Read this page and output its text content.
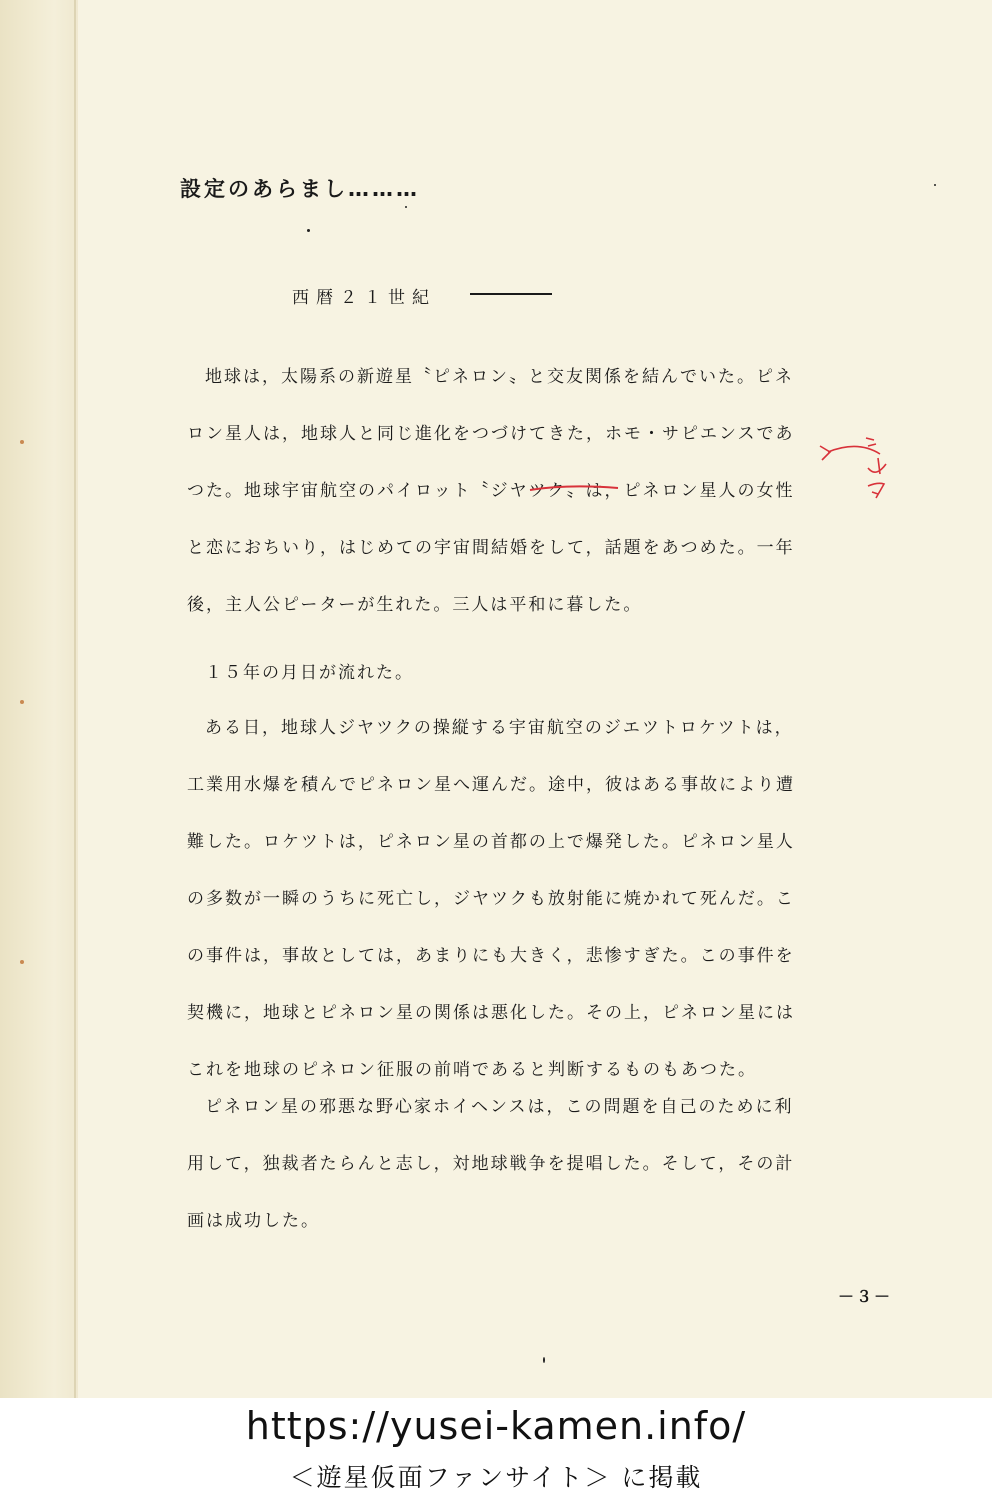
設定のあらまし………
西暦２１世紀

地球は，太陽系の新遊星〝ピネロン〟と交友関係を結んでいた。ピネ
ロン星人は，地球人と同じ進化をつづけてきた，ホモ・サピエンスであ
つた。地球宇宙航空のパイロット〝ジヤツク〟は，ピネロン星人の女性
と恋におちいり，はじめての宇宙間結婚をして，話題をあつめた。一年
後，主人公ピーターが生れた。三人は平和に暮した。

１５年の月日が流れた。

ある日，地球人ジヤツクの操縦する宇宙航空のジエツトロケツトは，
工業用水爆を積んでピネロン星へ運んだ。途中，彼はある事故により遭
難した。ロケツトは，ピネロン星の首都の上で爆発した。ピネロン星人
の多数が一瞬のうちに死亡し，ジヤツクも放射能に焼かれて死んだ。こ
の事件は，事故としては，あまりにも大きく，悲惨すぎた。この事件を
契機に，地球とピネロン星の関係は悪化した。その上，ピネロン星には
これを地球のピネロン征服の前哨であると判断するものもあつた。

ピネロン星の邪悪な野心家ホイヘンスは，この問題を自己のために利
用して，独裁者たらんと志し，対地球戦争を提唱した。そして，その計
画は成功した。

－３－
https://yusei-kamen.info/
＜遊星仮面ファンサイト＞ に掲載
